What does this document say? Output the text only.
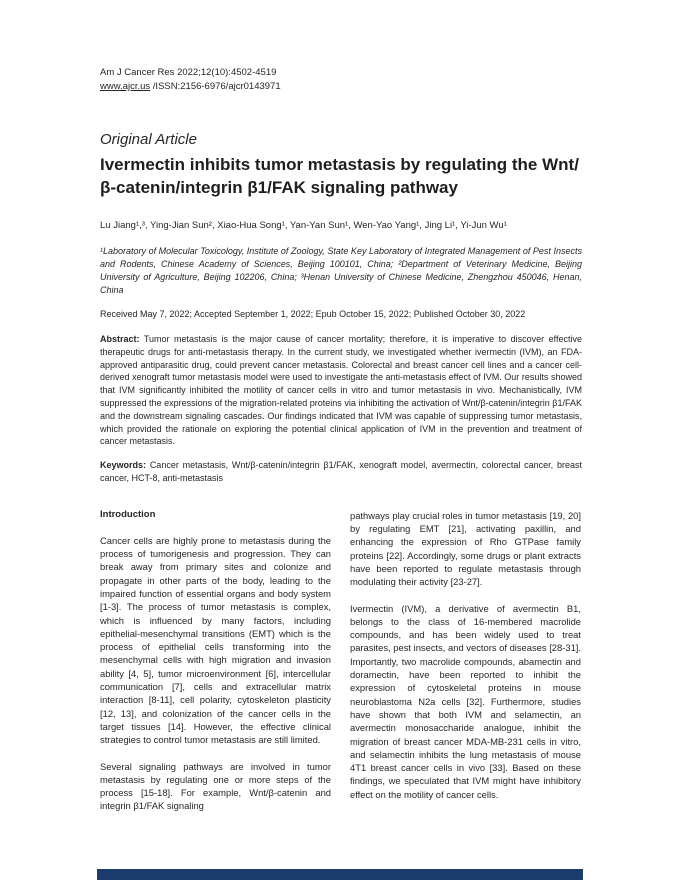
Am J Cancer Res 2022;12(10):4502-4519

www.ajcr.us /ISSN:2156-6976/ajcr0143971

Original Article

Ivermectin inhibits tumor metastasis by regulating the Wnt/β-catenin/integrin β1/FAK signaling pathway

Lu Jiang¹,³, Ying-Jian Sun², Xiao-Hua Song¹, Yan-Yan Sun¹, Wen-Yao Yang¹, Jing Li¹, Yi-Jun Wu¹

¹Laboratory of Molecular Toxicology, Institute of Zoology, State Key Laboratory of Integrated Management of Pest Insects and Rodents, Chinese Academy of Sciences, Beijing 100101, China; ²Department of Veterinary Medicine, Beijing University of Agriculture, Beijing 102206, China; ³Henan University of Chinese Medicine, Zhengzhou 450046, Henan, China

Received May 7, 2022; Accepted September 1, 2022; Epub October 15, 2022; Published October 30, 2022

Abstract: Tumor metastasis is the major cause of cancer mortality; therefore, it is imperative to discover effective therapeutic drugs for anti-metastasis therapy. In the current study, we investigated whether ivermectin (IVM), an FDA-approved antiparasitic drug, could prevent cancer metastasis. Colorectal and breast cancer cell lines and a cancer cell-derived xenograft tumor metastasis model were used to investigate the anti-metastasis effect of IVM. Our results showed that IVM significantly inhibited the motility of cancer cells in vitro and tumor metastasis in vivo. Mechanistically, IVM suppressed the expressions of the migration-related proteins via inhibiting the activation of Wnt/β-catenin/integrin β1/FAK and the downstream signaling cascades. Our findings indicated that IVM was capable of suppressing tumor metastasis, which provided the rationale on exploring the potential clinical application of IVM in the prevention and treatment of cancer metastasis.

Keywords: Cancer metastasis, Wnt/β-catenin/integrin β1/FAK, xenograft model, avermectin, colorectal cancer, breast cancer, HCT-8, anti-metastasis

Introduction

Cancer cells are highly prone to metastasis during the process of tumorigenesis and progression. They can break away from primary sites and colonize and propagate in other parts of the body, leading to the impaired function of essential organs and body system [1-3]. The process of tumor metastasis is complex, which is influenced by many factors, including epithelial-mesenchymal transitions (EMT) which is the process of epithelial cells transforming into the mesenchymal cells with high migration and invasion ability [4, 5], tumor microenvironment [6], intercellular communication [7], cells and extracellular matrix interaction [8-11], cell polarity, cytoskeleton plasticity [12, 13], and colonization of the cancer cells in the target tissues [14]. However, the effective clinical strategies to control tumor metastasis are still limited.

Several signaling pathways are involved in tumor metastasis by regulating one or more steps of the process [15-18]. For example, Wnt/β-catenin and integrin β1/FAK signaling

pathways play crucial roles in tumor metastasis [19, 20] by regulating EMT [21], activating paxillin, and enhancing the expression of Rho GTPase family proteins [22]. Accordingly, some drugs or plant extracts have been reported to regulate metastasis through modulating their activity [23-27].

Ivermectin (IVM), a derivative of avermectin B1, belongs to the class of 16-membered macrolide compounds, and has been widely used to treat parasites, pest insects, and vectors of diseases [28-31]. Importantly, two macrolide compounds, abamectin and doramectin, have been reported to inhibit the expression of cytoskeletal proteins in mouse neuroblastoma N2a cells [32]. Furthermore, studies have shown that both IVM and selamectin, an avermectin monosaccharide analogue, inhibit the migration of breast cancer MDA-MB-231 cells in vitro, and selamectin inhibits the lung metastasis of mouse 4T1 breast cancer cells in vivo [33]. Based on these findings, we speculated that IVM might have inhibitory effect on the motility of cancer cells.
